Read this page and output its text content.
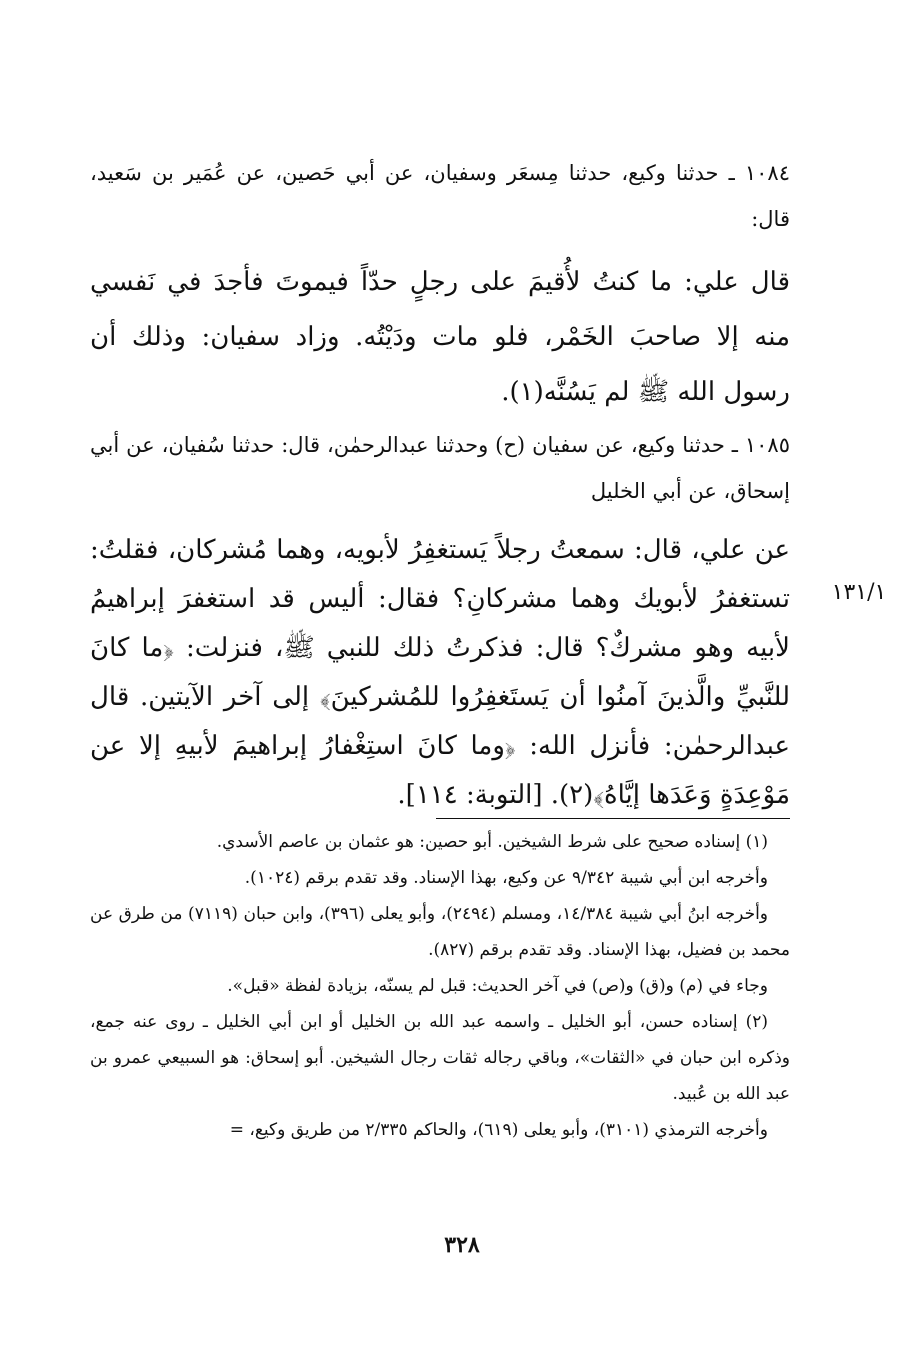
١٠٨٤ ـ حدثنا وكيع، حدثنا مِسعَر وسفيان، عن أبي حَصين، عن عُمَير بن سَعيد، قال:

قال علي: ما كنتُ لأُقيمَ على رجلٍ حدّاً فيموتَ فأجدَ في نَفسي منه إلا صاحبَ الخَمْر، فلو مات ودَيْتُه. وزاد سفيان: وذلك أن رسول الله ﷺ لم يَسُنَّه(١).

١٠٨٥ ـ حدثنا وكيع، عن سفيان (ح) وحدثنا عبدالرحمٰن، قال: حدثنا سُفيان، عن أبي إسحاق، عن أبي الخليل

عن علي، قال: سمعتُ رجلاً يَستغفِرُ لأبويه، وهما مُشركان، فقلتُ: تستغفرُ لأبويك وهما مشركانِ؟ فقال: أليس قد استغفرَ إبراهيمُ لأبيه وهو مشركٌ؟ قال: فذكرتُ ذلك للنبي ﷺ، فنزلت: ﴿ما كانَ للنَّبيِّ والَّذينَ آمنُوا أن يَستَغفِرُوا للمُشركينَ﴾ إلى آخر الآيتين. قال عبدالرحمٰن: فأنزل الله: ﴿وما كانَ استِغْفارُ إبراهيمَ لأبيهِ إلا عن مَوْعِدَةٍ وَعَدَها إيَّاهُ﴾(٢). [التوبة: ١١٤].

١٣١/١

(١) إسناده صحيح على شرط الشيخين. أبو حصين: هو عثمان بن عاصم الأسدي.

وأخرجه ابن أبي شيبة ٩/٣٤٢ عن وكيع، بهذا الإسناد. وقد تقدم برقم (١٠٢٤).

وأخرجه ابنُ أبي شيبة ١٤/٣٨٤، ومسلم (٢٤٩٤)، وأبو يعلى (٣٩٦)، وابن حبان (٧١١٩) من طرق عن محمد بن فضيل، بهذا الإسناد. وقد تقدم برقم (٨٢٧).

وجاء في (م) و(ق) و(ص) في آخر الحديث: قبل لم يسنّه، بزيادة لفظة «قبل».

(٢) إسناده حسن، أبو الخليل ـ واسمه عبد الله بن الخليل أو ابن أبي الخليل ـ روى عنه جمع، وذكره ابن حبان في «الثقات»، وباقي رجاله ثقات رجال الشيخين. أبو إسحاق: هو السبيعي عمرو بن عبد الله بن عُبيد.

وأخرجه الترمذي (٣١٠١)، وأبو يعلى (٦١٩)، والحاكم ٢/٣٣٥ من طريق وكيع، =

٣٢٨
